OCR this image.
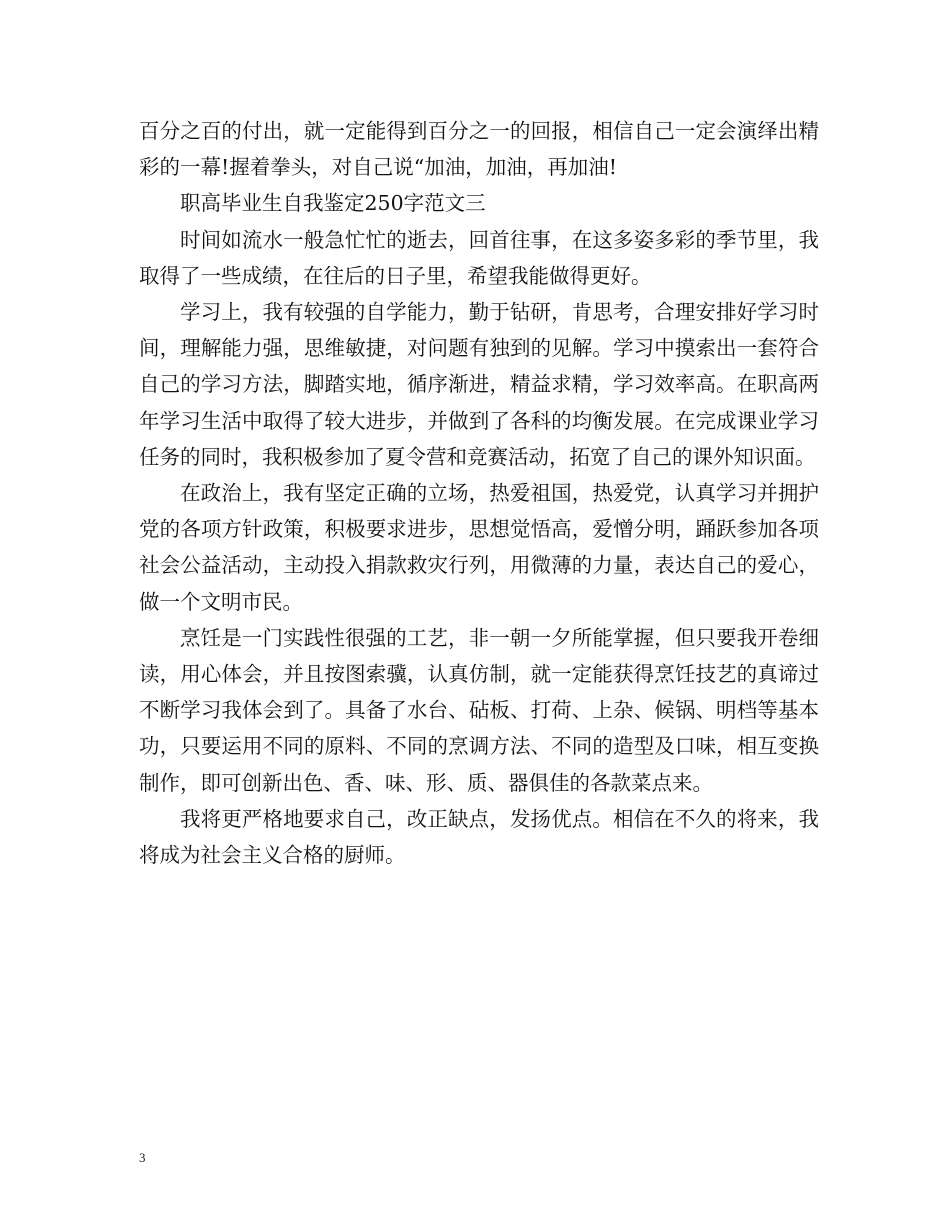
百分之百的付出，就一定能得到百分之一的回报，相信自己一定会演绎出精彩的一幕!握着拳头，对自己说“加油，加油，再加油!

职高毕业生自我鉴定250字范文三

时间如流水一般急忙忙的逝去，回首往事，在这多姿多彩的季节里，我取得了一些成绩，在往后的日子里，希望我能做得更好。

学习上，我有较强的自学能力，勤于钻研，肯思考，合理安排好学习时间，理解能力强，思维敏捷，对问题有独到的见解。学习中摸索出一套符合自己的学习方法，脚踏实地，循序渐进，精益求精，学习效率高。在职高两年学习生活中取得了较大进步，并做到了各科的均衡发展。在完成课业学习任务的同时，我积极参加了夏令营和竞赛活动，拓宽了自己的课外知识面。

在政治上，我有坚定正确的立场，热爱祖国，热爱党，认真学习并拥护党的各项方针政策，积极要求进步，思想觉悟高，爱憎分明，踊跃参加各项社会公益活动，主动投入捐款救灾行列，用微薄的力量，表达自己的爱心，做一个文明市民。

烹饪是一门实践性很强的工艺，非一朝一夕所能掌握，但只要我开卷细读，用心体会，并且按图索骥，认真仿制，就一定能获得烹饪技艺的真谛过不断学习我体会到了。具备了水台、砧板、打荷、上杂、候锅、明档等基本功，只要运用不同的原料、不同的烹调方法、不同的造型及口味，相互变换制作，即可创新出色、香、味、形、质、器俱佳的各款菜点来。

我将更严格地要求自己，改正缺点，发扬优点。相信在不久的将来，我将成为社会主义合格的厨师。

3
